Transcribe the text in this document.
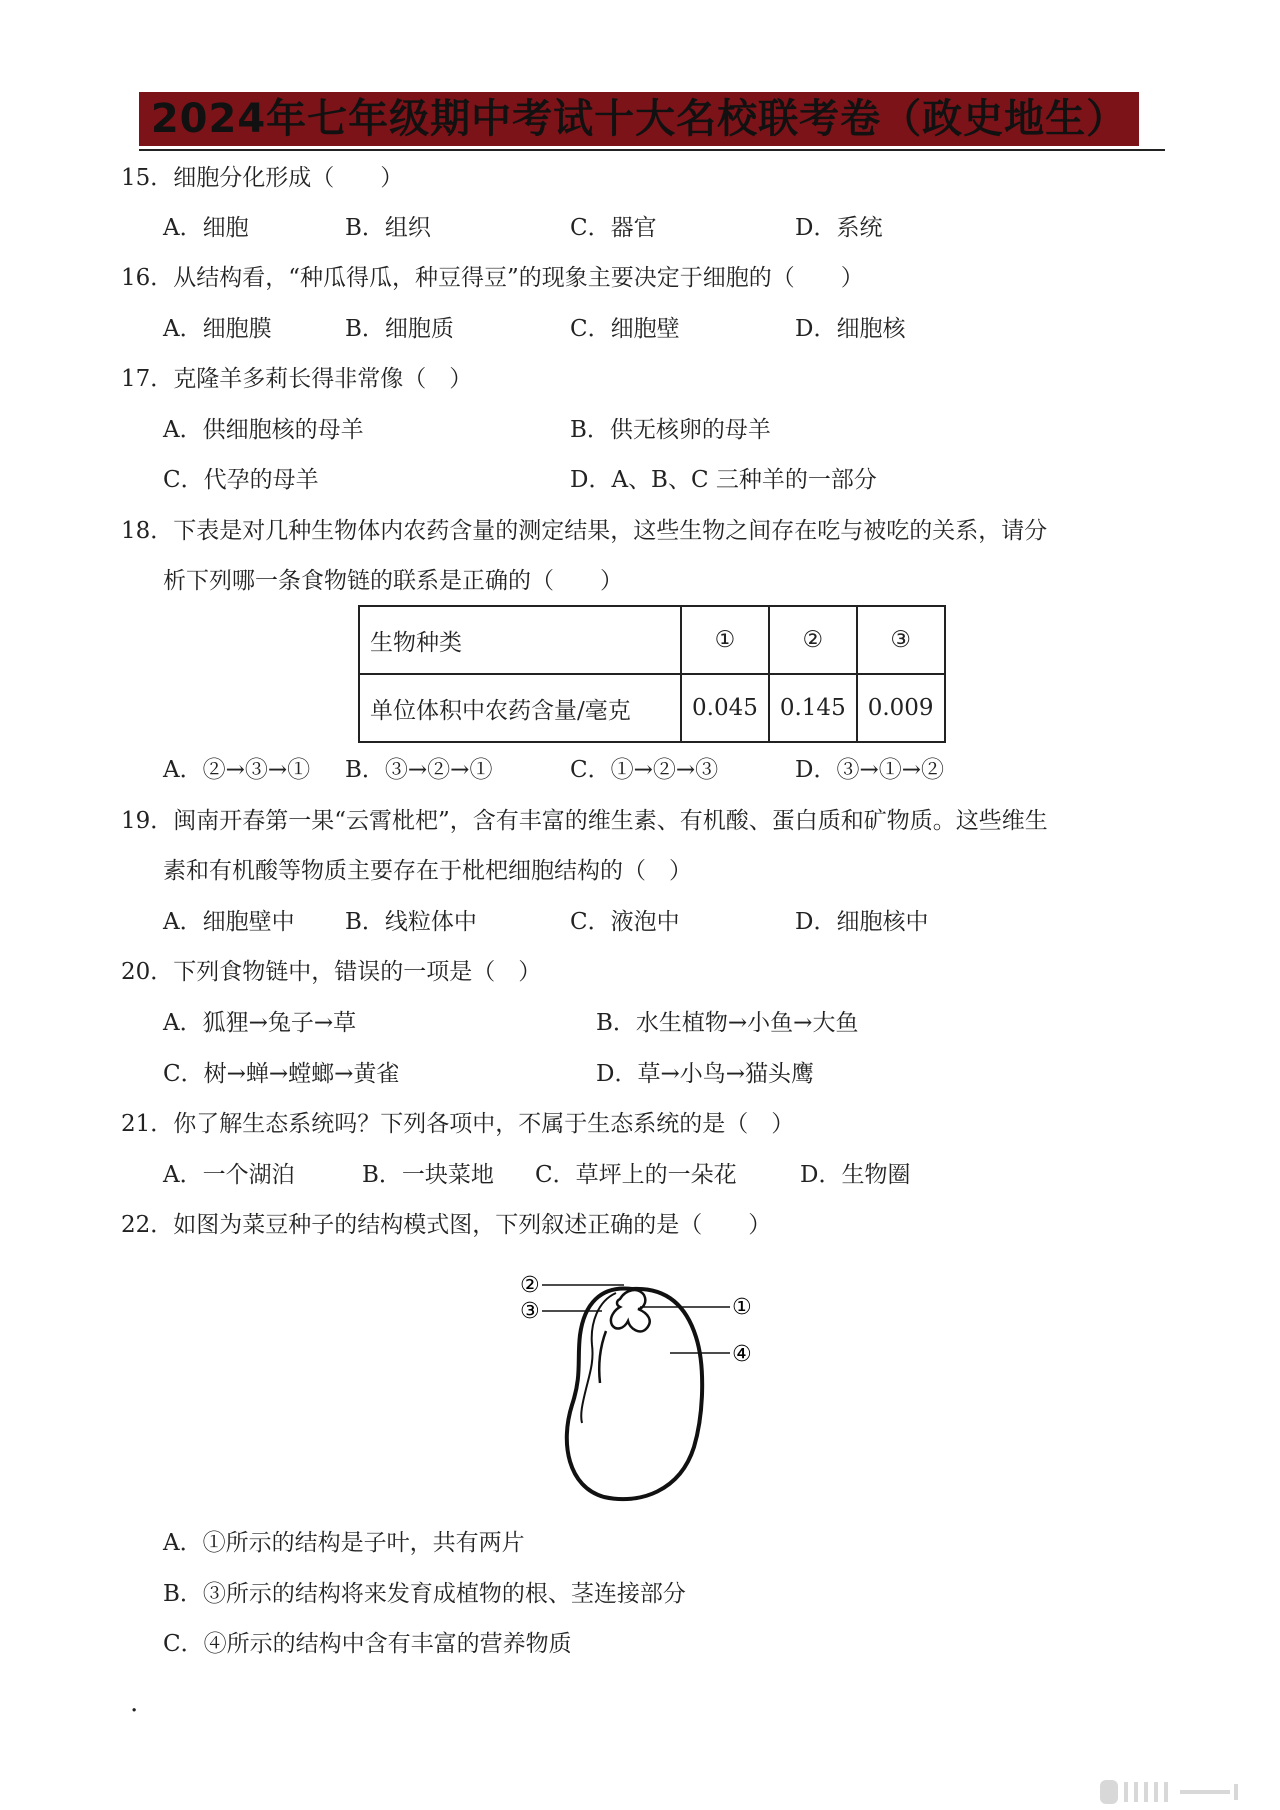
2024年七年级期中考试十大名校联考卷（政史地生）
15．细胞分化形成（　　）
A．细胞	B．组织	C．器官	D．系统
16．从结构看，“种瓜得瓜，种豆得豆”的现象主要决定于细胞的（　　）
A．细胞膜	B．细胞质	C．细胞壁	D．细胞核
17．克隆羊多莉长得非常像（　）
A．供细胞核的母羊	B．供无核卵的母羊
C．代孕的母羊	D．A、B、C 三种羊的一部分
18．下表是对几种生物体内农药含量的测定结果，这些生物之间存在吃与被吃的关系，请分
析下列哪一条食物链的联系是正确的（　　）
生物种类	①	②	③
单位体积中农药含量/毫克	0.045	0.145	0.009
A．②→③→① B．③→②→①	C．①→②→③	D．③→①→②
19．闽南开春第一果“云霄枇杷”，含有丰富的维生素、有机酸、蛋白质和矿物质。这些维生
素和有机酸等物质主要存在于枇杷细胞结构的（　）
A．细胞壁中 B．线粒体中	C．液泡中	D．细胞核中
20．下列食物链中，错误的一项是（　）
A．狐狸→兔子→草	B．水生植物→小鱼→大鱼
C．树→蝉→螳螂→黄雀	D．草→小鸟→猫头鹰
21．你了解生态系统吗？下列各项中，不属于生态系统的是（　）
A．一个湖泊	B．一块菜地 C．草坪上的一朵花	D．生物圈
22．如图为菜豆种子的结构模式图，下列叙述正确的是（　　）
②
③	①
④
A．①所示的结构是子叶，共有两片
B．③所示的结构将来发育成植物的根、茎连接部分
C．④所示的结构中含有丰富的营养物质
.
